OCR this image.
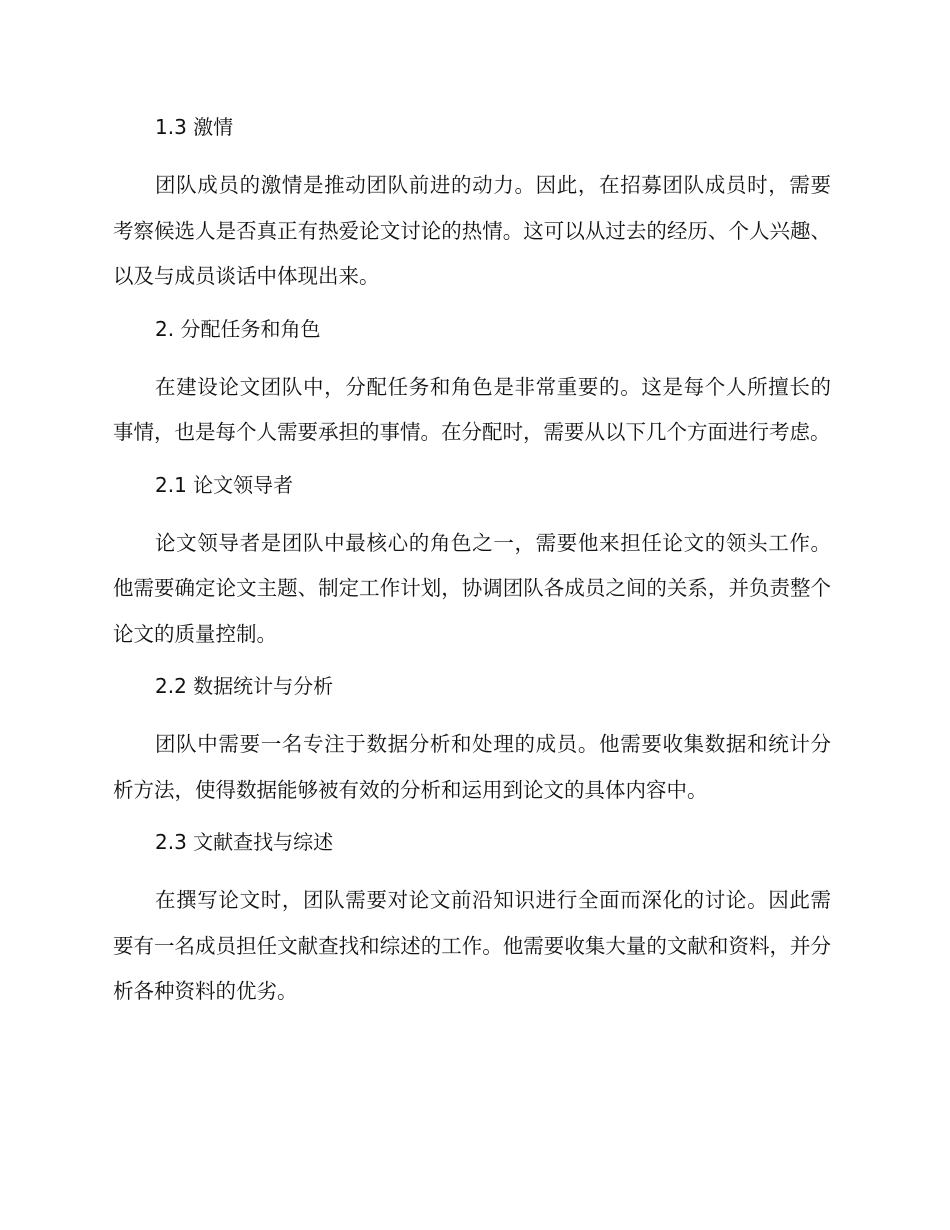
1.3 激情

团队成员的激情是推动团队前进的动力。因此，在招募团队成员时，需要考察候选人是否真正有热爱论文讨论的热情。这可以从过去的经历、个人兴趣、以及与成员谈话中体现出来。

2. 分配任务和角色

在建设论文团队中，分配任务和角色是非常重要的。这是每个人所擅长的事情，也是每个人需要承担的事情。在分配时，需要从以下几个方面进行考虑。

2.1 论文领导者

论文领导者是团队中最核心的角色之一，需要他来担任论文的领头工作。他需要确定论文主题、制定工作计划，协调团队各成员之间的关系，并负责整个论文的质量控制。

2.2 数据统计与分析

团队中需要一名专注于数据分析和处理的成员。他需要收集数据和统计分析方法，使得数据能够被有效的分析和运用到论文的具体内容中。

2.3 文献查找与综述

在撰写论文时，团队需要对论文前沿知识进行全面而深化的讨论。因此需要有一名成员担任文献查找和综述的工作。他需要收集大量的文献和资料，并分析各种资料的优劣。
